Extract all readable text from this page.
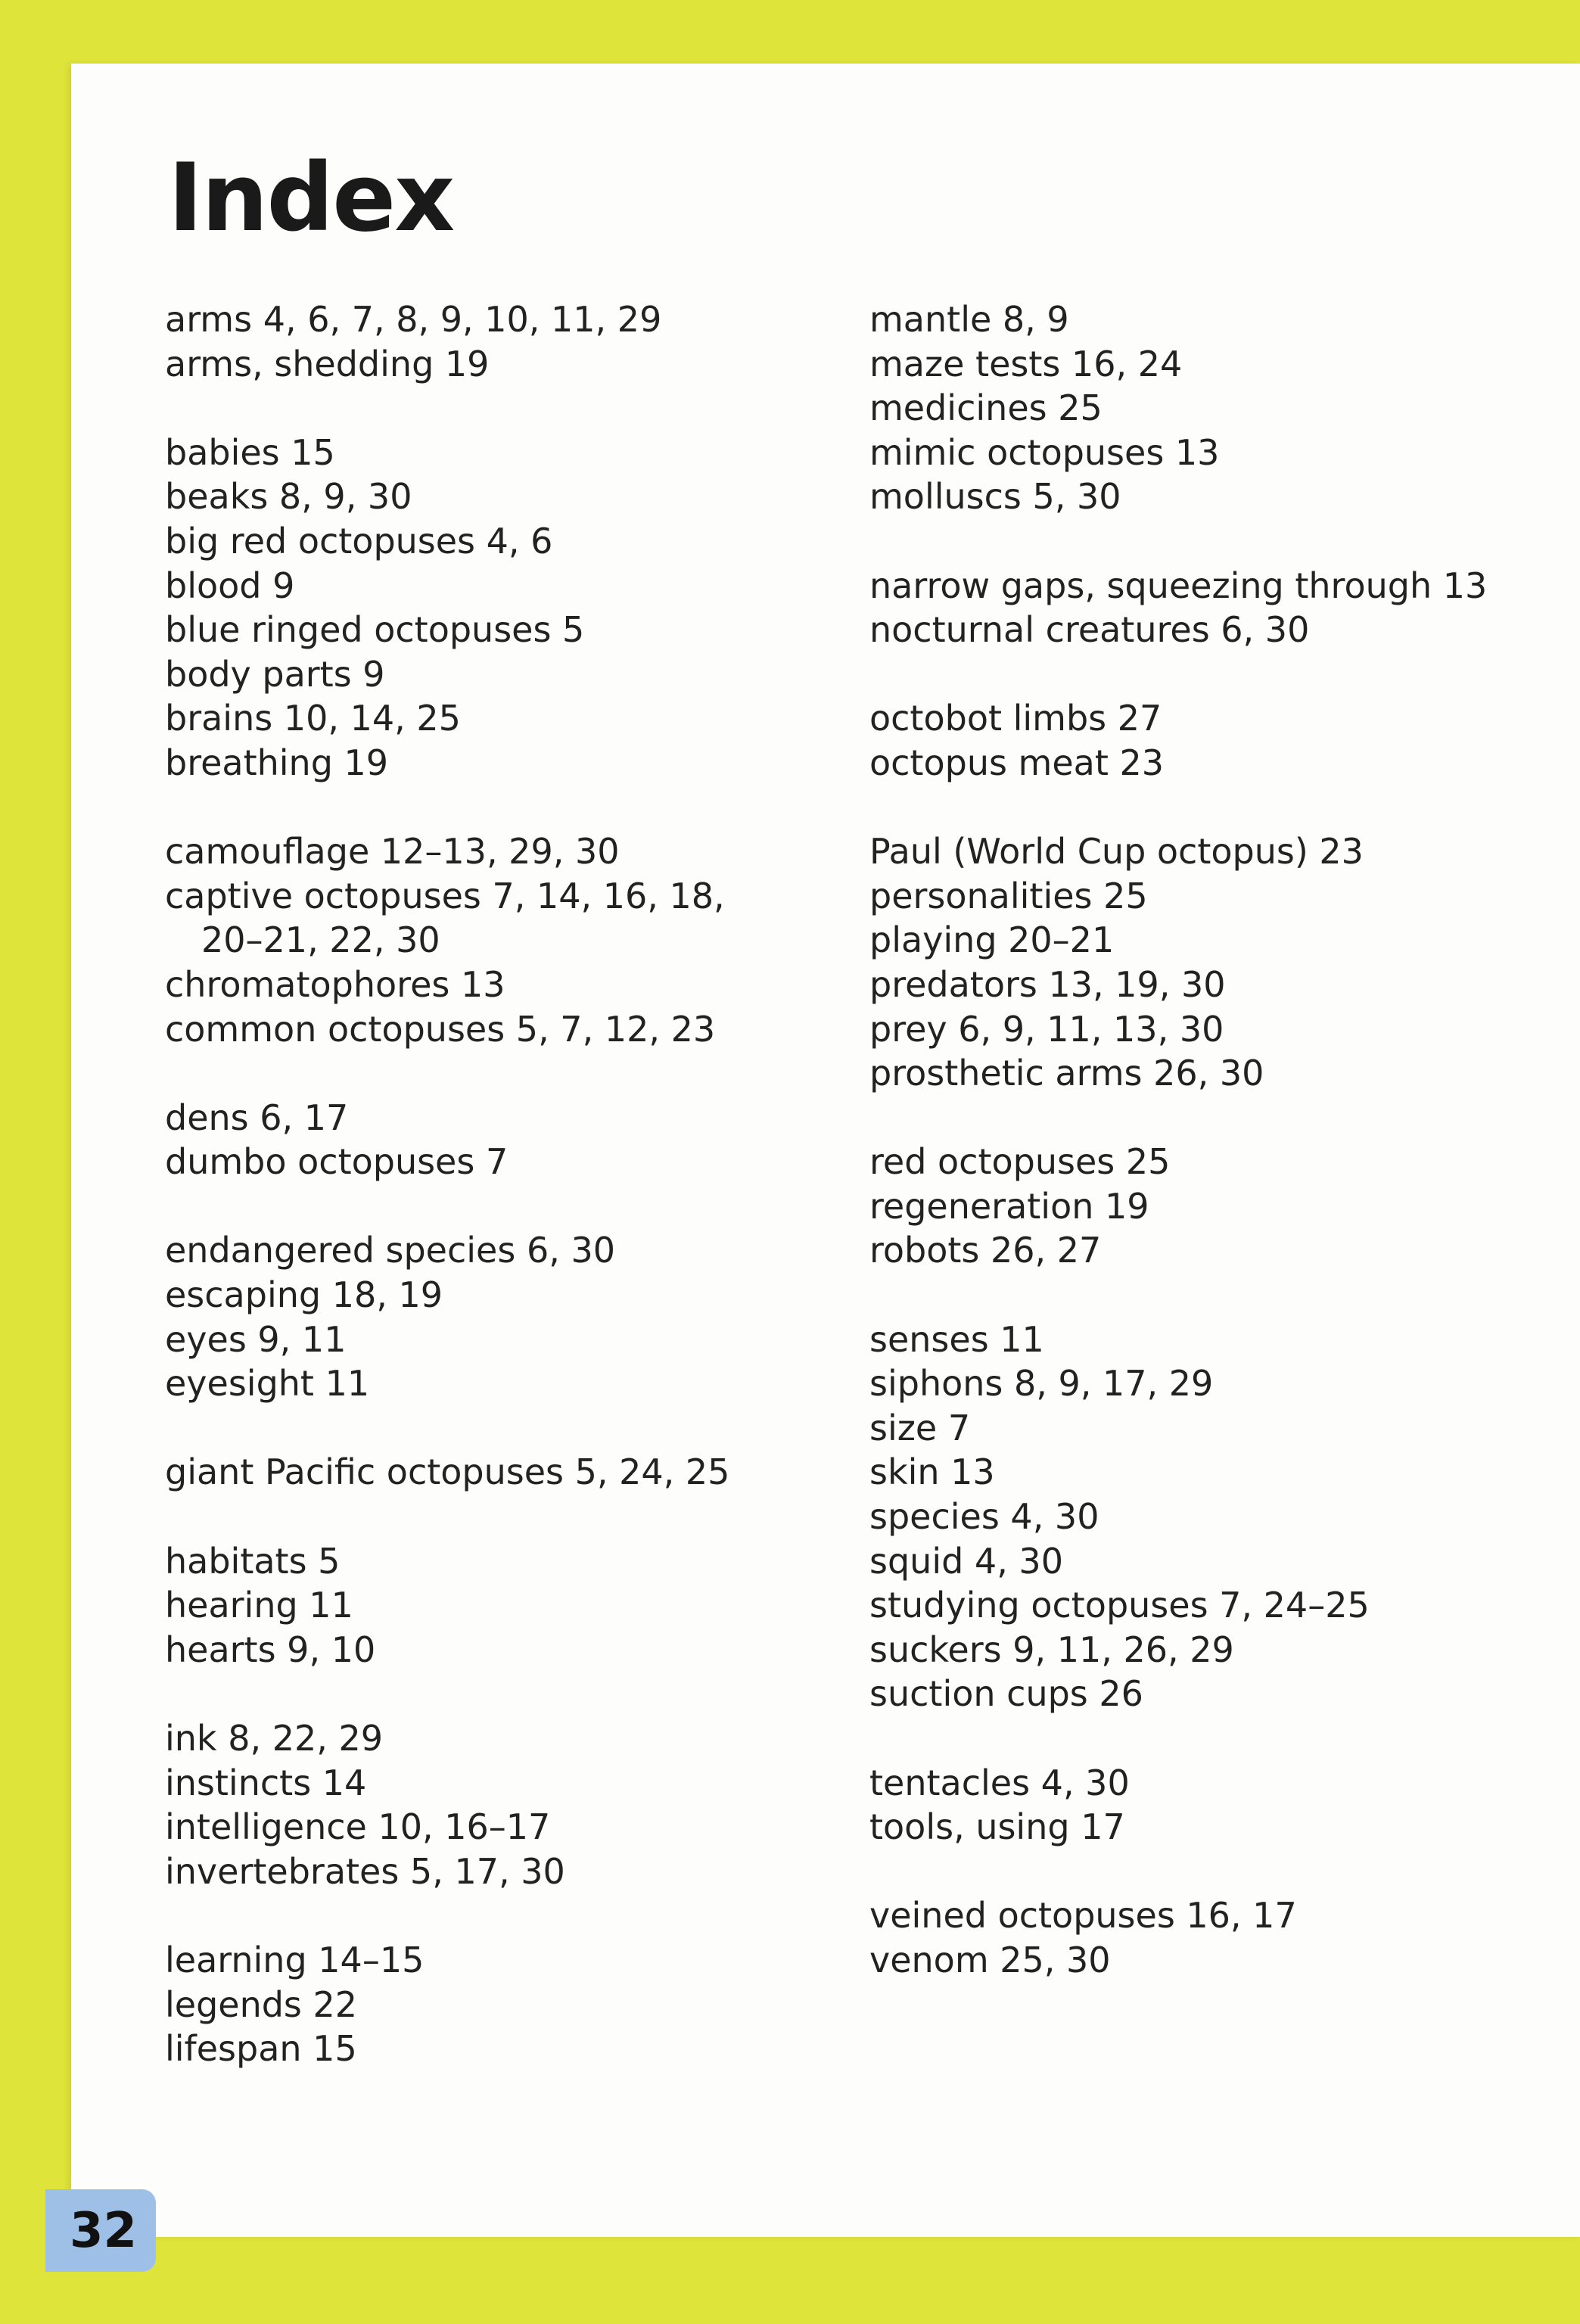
Index
arms 4, 6, 7, 8, 9, 10, 11, 29
arms, shedding 19
babies 15
beaks 8, 9, 30
big red octopuses 4, 6
blood 9
blue ringed octopuses 5
body parts 9
brains 10, 14, 25
breathing 19
camouflage 12–13, 29, 30
captive octopuses 7, 14, 16, 18, 20–21, 22, 30
chromatophores 13
common octopuses 5, 7, 12, 23
dens 6, 17
dumbo octopuses 7
endangered species 6, 30
escaping 18, 19
eyes 9, 11
eyesight 11
giant Pacific octopuses 5, 24, 25
habitats 5
hearing 11
hearts 9, 10
ink 8, 22, 29
instincts 14
intelligence 10, 16–17
invertebrates 5, 17, 30
learning 14–15
legends 22
lifespan 15
mantle 8, 9
maze tests 16, 24
medicines 25
mimic octopuses 13
molluscs 5, 30
narrow gaps, squeezing through 13
nocturnal creatures 6, 30
octobot limbs 27
octopus meat 23
Paul (World Cup octopus) 23
personalities 25
playing 20–21
predators 13, 19, 30
prey 6, 9, 11, 13, 30
prosthetic arms 26, 30
red octopuses 25
regeneration 19
robots 26, 27
senses 11
siphons 8, 9, 17, 29
size 7
skin 13
species 4, 30
squid 4, 30
studying octopuses 7, 24–25
suckers 9, 11, 26, 29
suction cups 26
tentacles 4, 30
tools, using 17
veined octopuses 16, 17
venom 25, 30
32
